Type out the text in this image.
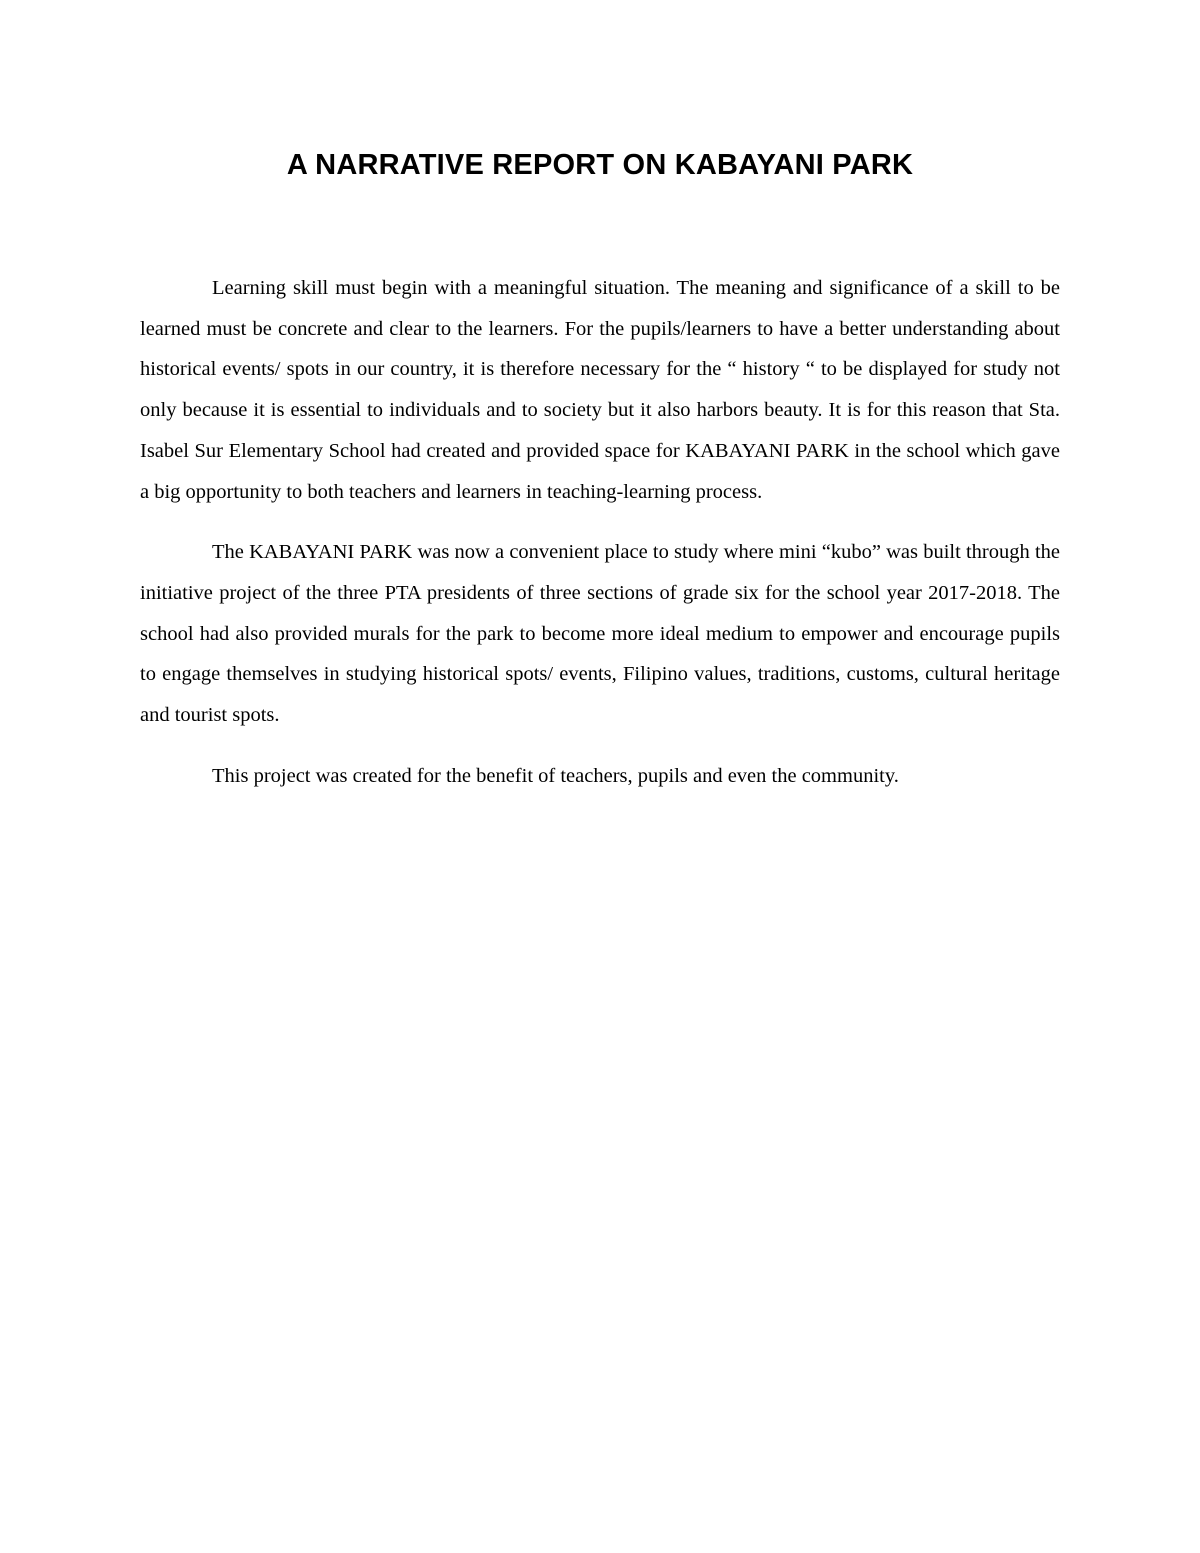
A NARRATIVE REPORT ON KABAYANI PARK

Learning skill must begin with a meaningful situation. The meaning and significance of a skill to be learned must be concrete and clear to the learners. For the pupils/learners to have a better understanding about historical events/ spots in our country, it is therefore necessary for the “ history “ to be displayed for study not only because it is essential to individuals and to society but it also harbors beauty. It is for this reason that Sta. Isabel Sur Elementary School had created and provided space for KABAYANI PARK in the school which gave a big opportunity to both teachers and learners in teaching-learning process.

The KABAYANI PARK was now a convenient place to study where mini “kubo” was built through the initiative project of the three PTA presidents of three sections of grade six for the school year 2017-2018. The school had also provided murals for the park to become more ideal medium to empower and encourage pupils to engage themselves in studying historical spots/ events, Filipino values, traditions, customs, cultural heritage and tourist spots.

This project was created for the benefit of teachers, pupils and even the community.
